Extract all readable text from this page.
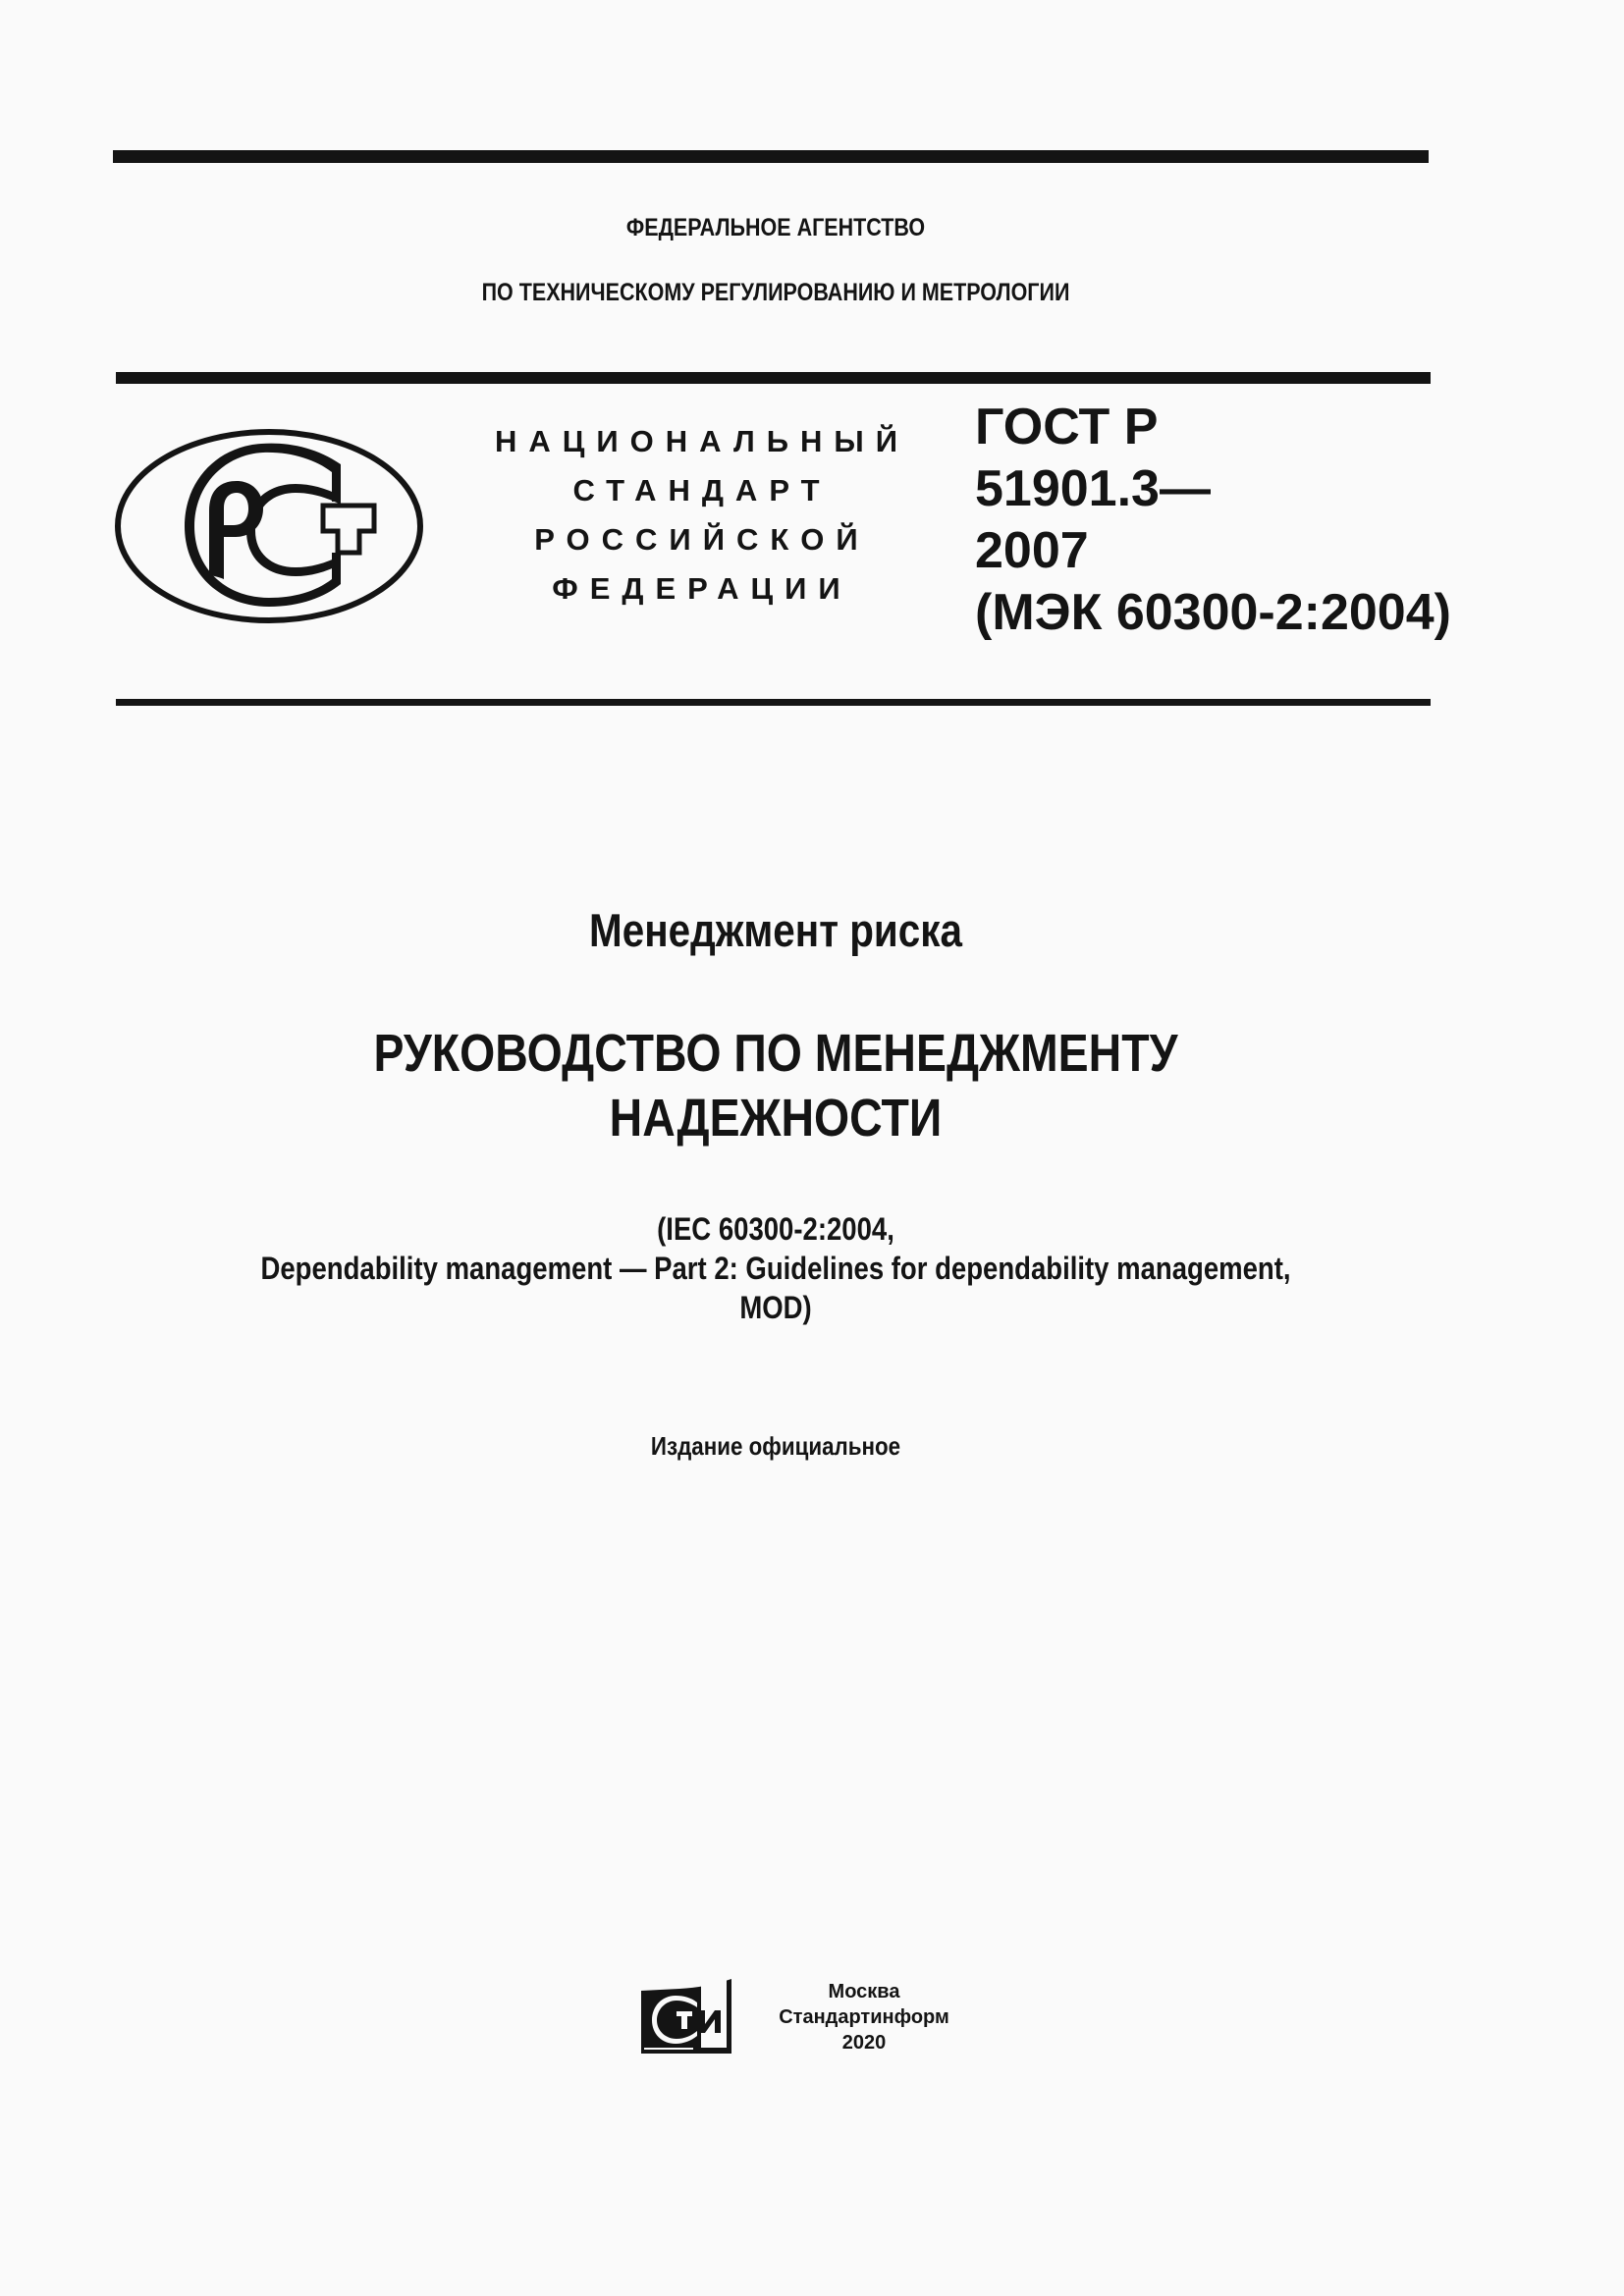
ФЕДЕРАЛЬНОЕ АГЕНТСТВО
ПО ТЕХНИЧЕСКОМУ РЕГУЛИРОВАНИЮ И МЕТРОЛОГИИ
НАЦИОНАЛЬНЫЙ
СТАНДАРТ
РОССИЙСКОЙ
ФЕДЕРАЦИИ
ГОСТ Р
51901.3—
2007
(МЭК 60300-2:2004)
Менеджмент риска
РУКОВОДСТВО ПО МЕНЕДЖМЕНТУ
НАДЕЖНОСТИ
(IEC 60300-2:2004,
Dependability management — Part 2: Guidelines for dependability management,
MOD)
Издание официальное
Москва
Стандартинформ
2020
